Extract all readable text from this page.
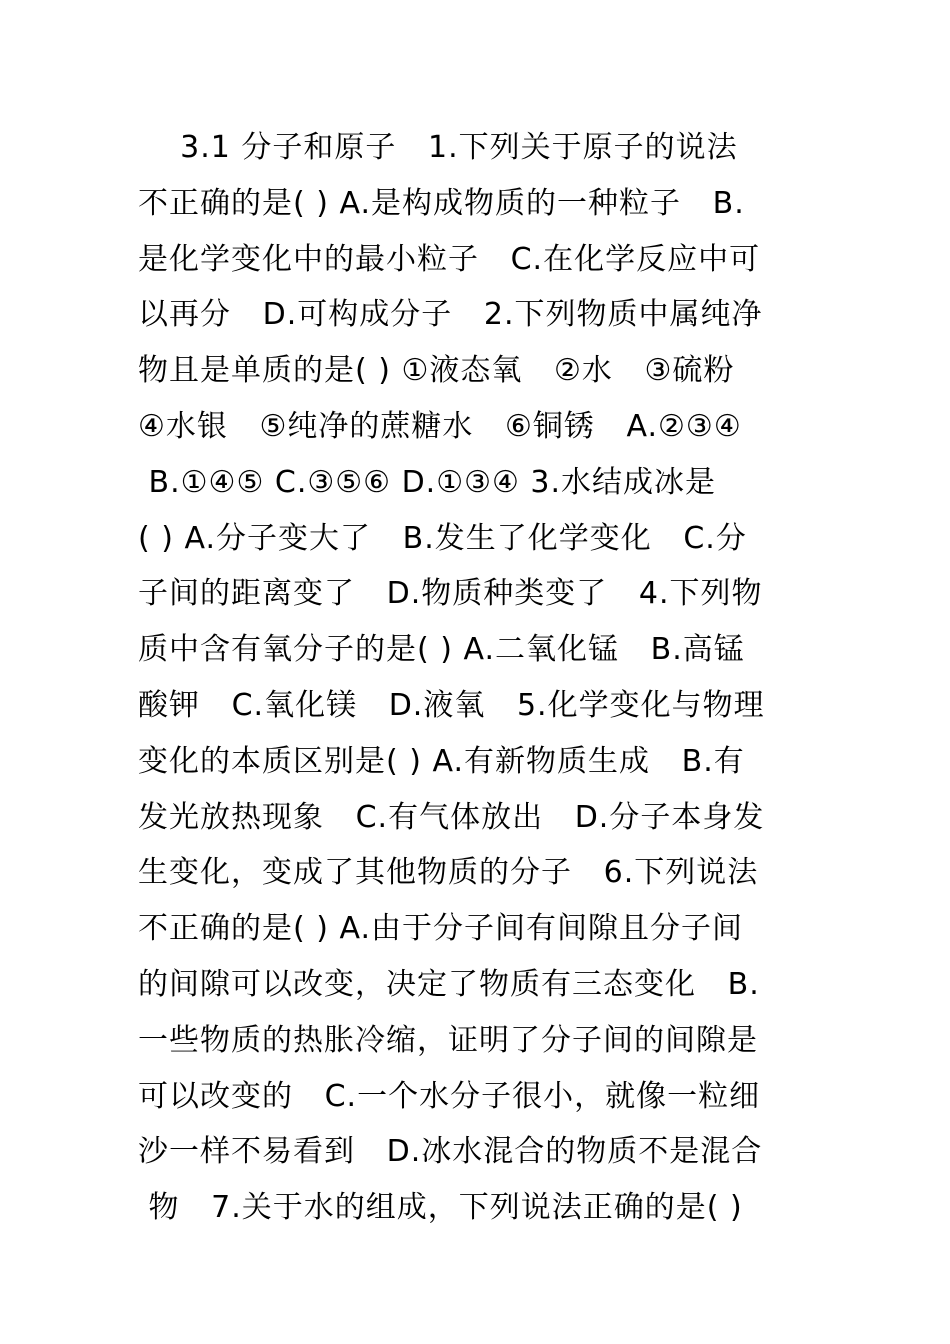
3.1 分子和原子   1.下列关于原子的说法
不正确的是( ) A.是构成物质的一种粒子   B.
是化学变化中的最小粒子   C.在化学反应中可
以再分   D.可构成分子   2.下列物质中属纯净
物且是单质的是( ) ①液态氧   ②水   ③硫粉
④水银   ⑤纯净的蔗糖水   ⑥铜锈   A.②③④
B.①④⑤ C.③⑤⑥ D.①③④ 3.水结成冰是
( ) A.分子变大了   B.发生了化学变化   C.分
子间的距离变了   D.物质种类变了   4.下列物
质中含有氧分子的是( ) A.二氧化锰   B.高锰
酸钾   C.氧化镁   D.液氧   5.化学变化与物理
变化的本质区别是( ) A.有新物质生成   B.有
发光放热现象   C.有气体放出   D.分子本身发
生变化，变成了其他物质的分子   6.下列说法
不正确的是( ) A.由于分子间有间隙且分子间
的间隙可以改变，决定了物质有三态变化   B.
一些物质的热胀冷缩，证明了分子间的间隙是
可以改变的   C.一个水分子很小，就像一粒细
沙一样不易看到   D.冰水混合的物质不是混合
物   7.关于水的组成，下列说法正确的是( )
